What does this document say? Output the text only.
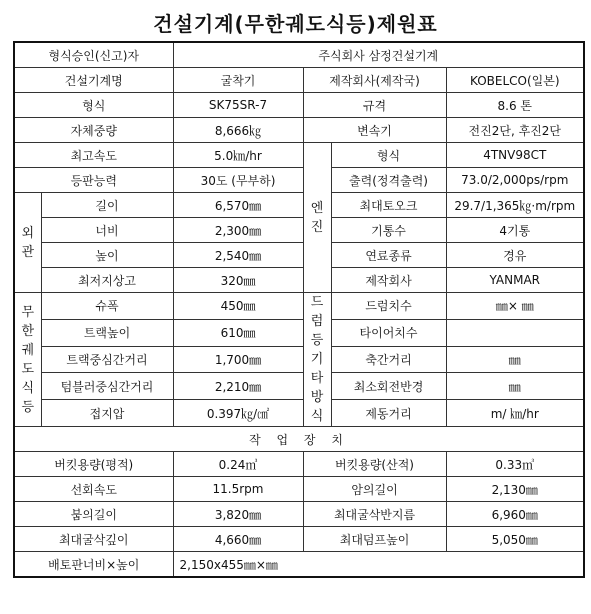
건설기계(무한궤도식등)제원표
형식승인(신고)자		주식회사 삼정건설기계			
건설기계명		굴착기	제작회사(제작국)		KOBELCO(일본)
형식		SK75SR-7	규격		8.6 톤
자체중량		8,666㎏	변속기		전진2단, 후진2단
최고속도		5.0㎞/hr	엔진	형식	4TNV98CT
등판능력		30도 (무부하)		출력(정격출력)	73.0/2,000ps/rpm
외관	길이	6,570㎜		최대토오크	29.7/1,365㎏·m/rpm
	너비	2,300㎜		기통수	4기통
	높이	2,540㎜		연료종류	경유
	최저지상고	320㎜		제작회사	YANMAR
무한궤도식등	슈폭	450㎜	드럼등기타방식	드럼치수	㎜× ㎜
	트랙높이	610㎜		타이어치수	
	트랙중심간거리	1,700㎜		축간거리	㎜
	텀블러중심간거리	2,210㎜		최소회전반경	㎜
	접지압	0.397㎏/㎠		제동거리	m/ ㎞/hr
작 업 장 치					
버킷용량(평적)		0.24㎥	버킷용량(산적)		0.33㎥
선회속도		11.5rpm	암의길이		2,130㎜
붐의길이		3,820㎜	최대굴삭반지름		6,960㎜
최대굴삭깊이		4,660㎜	최대덤프높이		5,050㎜
배토판너비×높이		2,150x455㎜×㎜			
